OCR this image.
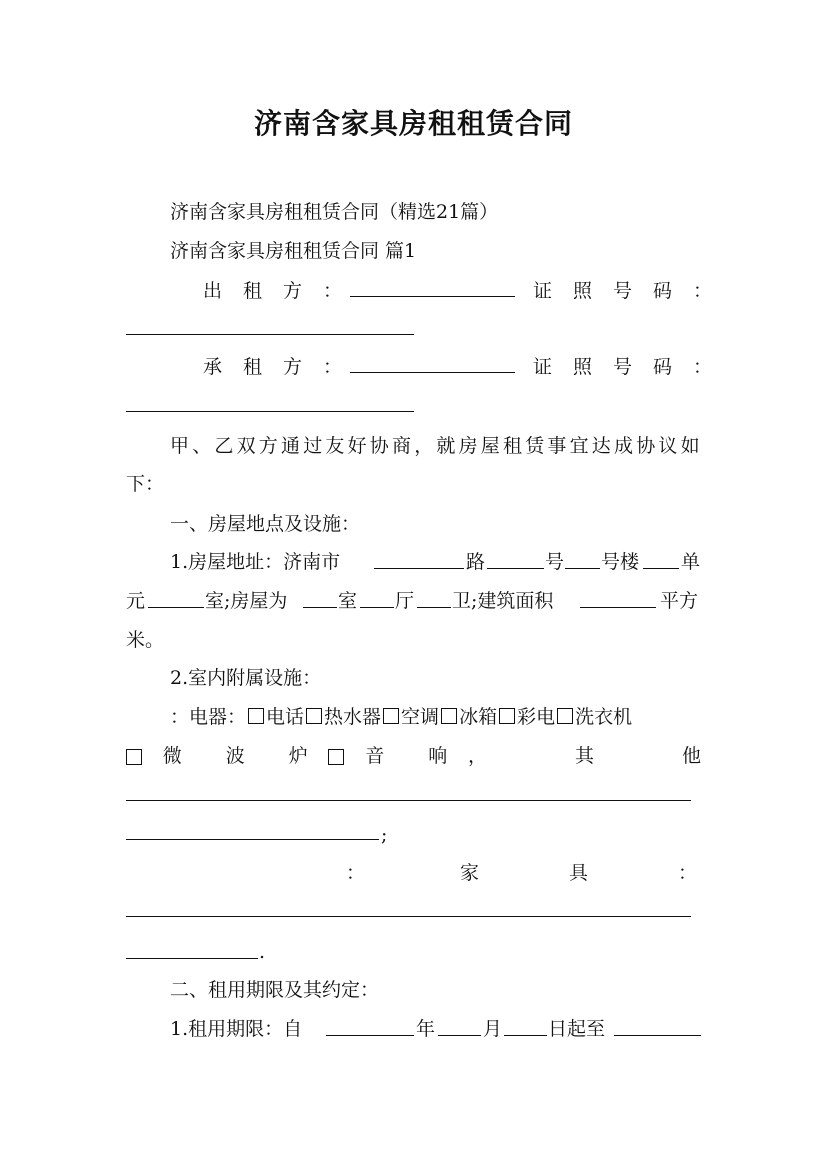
济南含家具房租租赁合同
济南含家具房租租赁合同（精选21篇）
济南含家具房租租赁合同 篇1
出租方：	证照号码：
承租方：	证照号码：
甲、乙双方通过友好协商，就房屋租赁事宜达成协议如
下：
一、房屋地点及设施：
1.房屋地址：济南市	路	号 号楼 单
元	室;房屋为	室 厅 卫;建筑面积	平方
米。
2.室内附属设施：
：电器： 电话 热水器 空调 冰箱 彩电 洗衣机
微波炉 音响
，其他
;
：	家具 ：
.
二、租用期限及其约定：
1.租用期限：自	年	月 日起至
